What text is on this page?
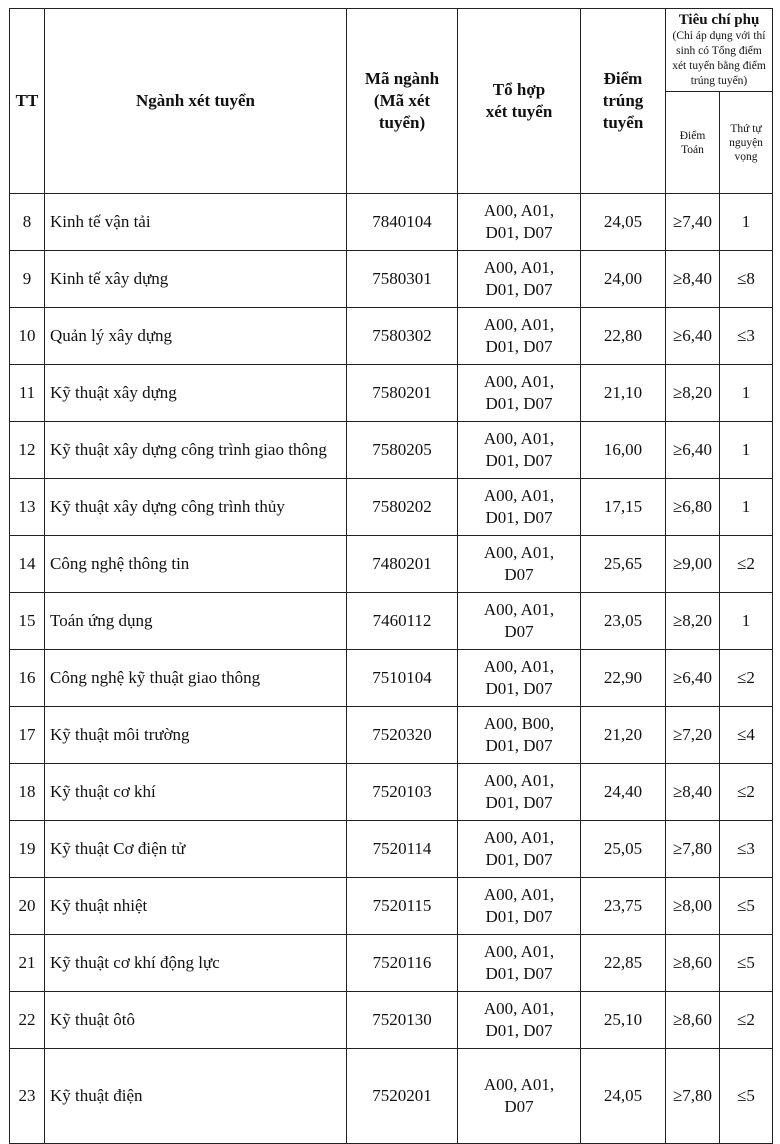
TT	Ngành xét tuyển	Mã ngành (Mã xét tuyển)	Tổ hợp xét tuyển	Điểm trúng tuyển	Tiêu chí phụ
(Chỉ áp dụng với thí sinh có Tổng điểm xét tuyển bằng điểm trúng tuyển)	

					Điểm Toán	Thứ tự nguyện vọng

8	Kinh tế vận tải	7840104	A00, A01, D01, D07	24,05	≥7,40	1
9	Kinh tế xây dựng	7580301	A00, A01, D01, D07	24,00	≥8,40	≤8
10	Quản lý xây dựng	7580302	A00, A01, D01, D07	22,80	≥6,40	≤3
11	Kỹ thuật xây dựng	7580201	A00, A01, D01, D07	21,10	≥8,20	1
12	Kỹ thuật xây dựng công trình giao thông	7580205	A00, A01, D01, D07	16,00	≥6,40	1
13	Kỹ thuật xây dựng công trình thủy	7580202	A00, A01, D01, D07	17,15	≥6,80	1
14	Công nghệ thông tin	7480201	A00, A01, D07	25,65	≥9,00	≤2
15	Toán ứng dụng	7460112	A00, A01, D07	23,05	≥8,20	1
16	Công nghệ kỹ thuật giao thông	7510104	A00, A01, D01, D07	22,90	≥6,40	≤2
17	Kỹ thuật môi trường	7520320	A00, B00, D01, D07	21,20	≥7,20	≤4
18	Kỹ thuật cơ khí	7520103	A00, A01, D01, D07	24,40	≥8,40	≤2
19	Kỹ thuật Cơ điện tử	7520114	A00, A01, D01, D07	25,05	≥7,80	≤3
20	Kỹ thuật nhiệt	7520115	A00, A01, D01, D07	23,75	≥8,00	≤5
21	Kỹ thuật cơ khí động lực	7520116	A00, A01, D01, D07	22,85	≥8,60	≤5
22	Kỹ thuật ôtô	7520130	A00, A01, D01, D07	25,10	≥8,60	≤2
23	Kỹ thuật điện	7520201	A00, A01, D07	24,05	≥7,80	≤5
